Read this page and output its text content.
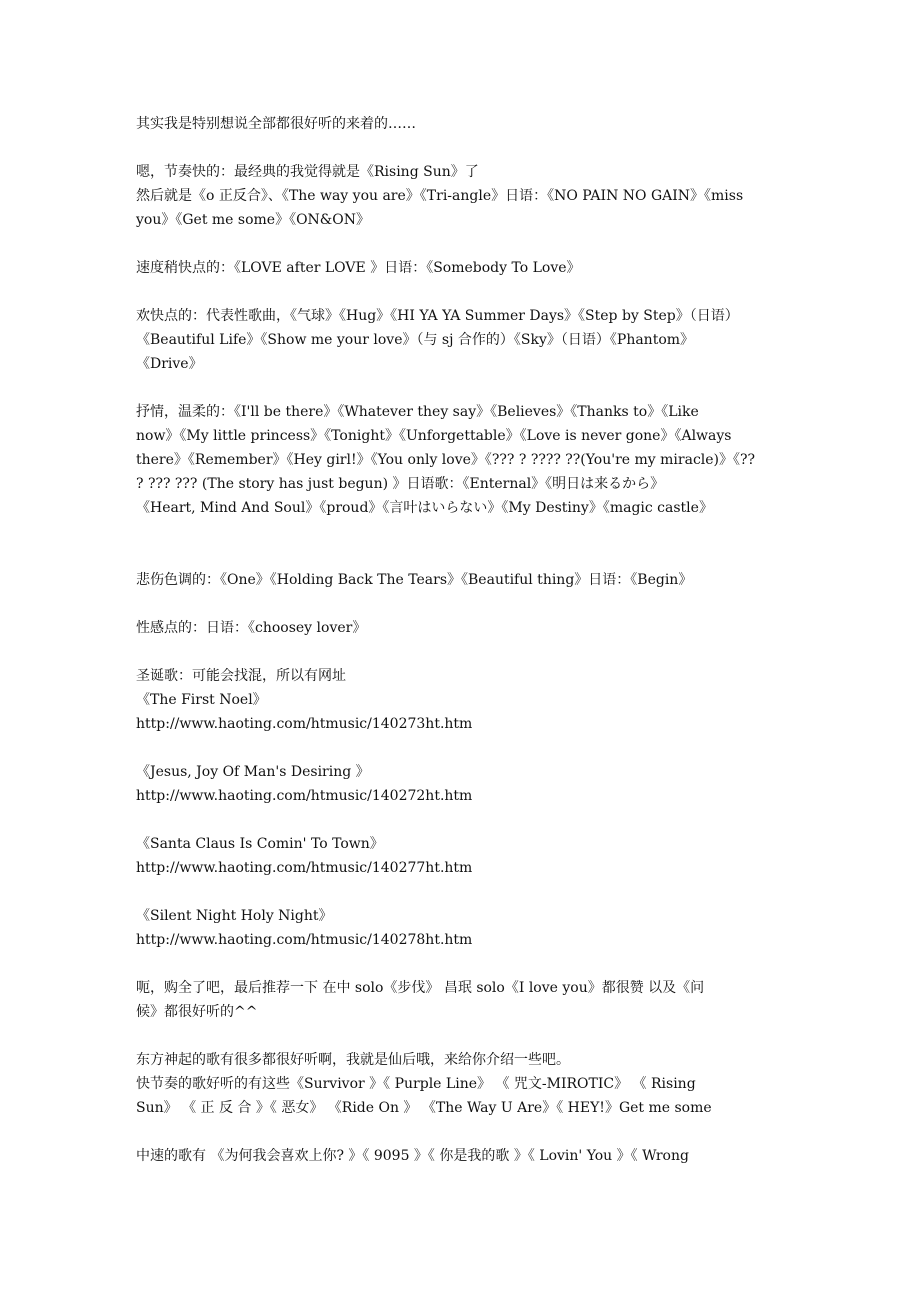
其实我是特别想说全部都很好听的来着的……
嗯，节奏快的：最经典的我觉得就是《Rising Sun》了
然后就是《o 正反合》、《The way you are》《Tri-angle》日语：《NO PAIN NO GAIN》《miss
you》《Get me some》《ON&ON》
速度稍快点的：《LOVE after LOVE 》日语：《Somebody To Love》
欢快点的：代表性歌曲，《气球》《Hug》《HI YA YA Summer Days》《Step by Step》（日语）
《Beautiful Life》《Show me your love》（与 sj 合作的）《Sky》（日语）《Phantom》
《Drive》
抒情，温柔的：《I'll be there》《Whatever they say》《Believes》《Thanks to》《Like
now》《My little princess》《Tonight》《Unforgettable》《Love is never gone》《Always
there》《Remember》《Hey girl!》《You only love》《??? ? ???? ??(You're my miracle)》《??
? ??? ??? (The story has just begun) 》日语歌：《Enternal》《明日は来るから》
《Heart, Mind And Soul》《proud》《言叶はいらない》《My Destiny》《magic castle》
悲伤色调的：《One》《Holding Back The Tears》《Beautiful thing》日语：《Begin》
性感点的：日语：《choosey lover》
圣诞歌：可能会找混，所以有网址
《The First Noel》
http://www.haoting.com/htmusic/140273ht.htm
《Jesus, Joy Of Man's Desiring 》
http://www.haoting.com/htmusic/140272ht.htm
《Santa Claus Is Comin' To Town》
http://www.haoting.com/htmusic/140277ht.htm
《Silent Night Holy Night》
http://www.haoting.com/htmusic/140278ht.htm
呃，购全了吧，最后推荐一下 在中 solo《步伐》 昌珉 solo《I love you》都很赞 以及《问
候》都很好听的^^
东方神起的歌有很多都很好听啊，我就是仙后哦，来给你介绍一些吧。
快节奏的歌好听的有这些《Survivor 》《 Purple Line》 《 咒文-MIROTIC》 《 Rising
Sun》 《 正 反 合 》《 恶女》 《Ride On 》 《The Way U Are》《 HEY!》Get me some
中速的歌有 《为何我会喜欢上你? 》《 9095 》《 你是我的歌 》《 Lovin' You 》《 Wrong
